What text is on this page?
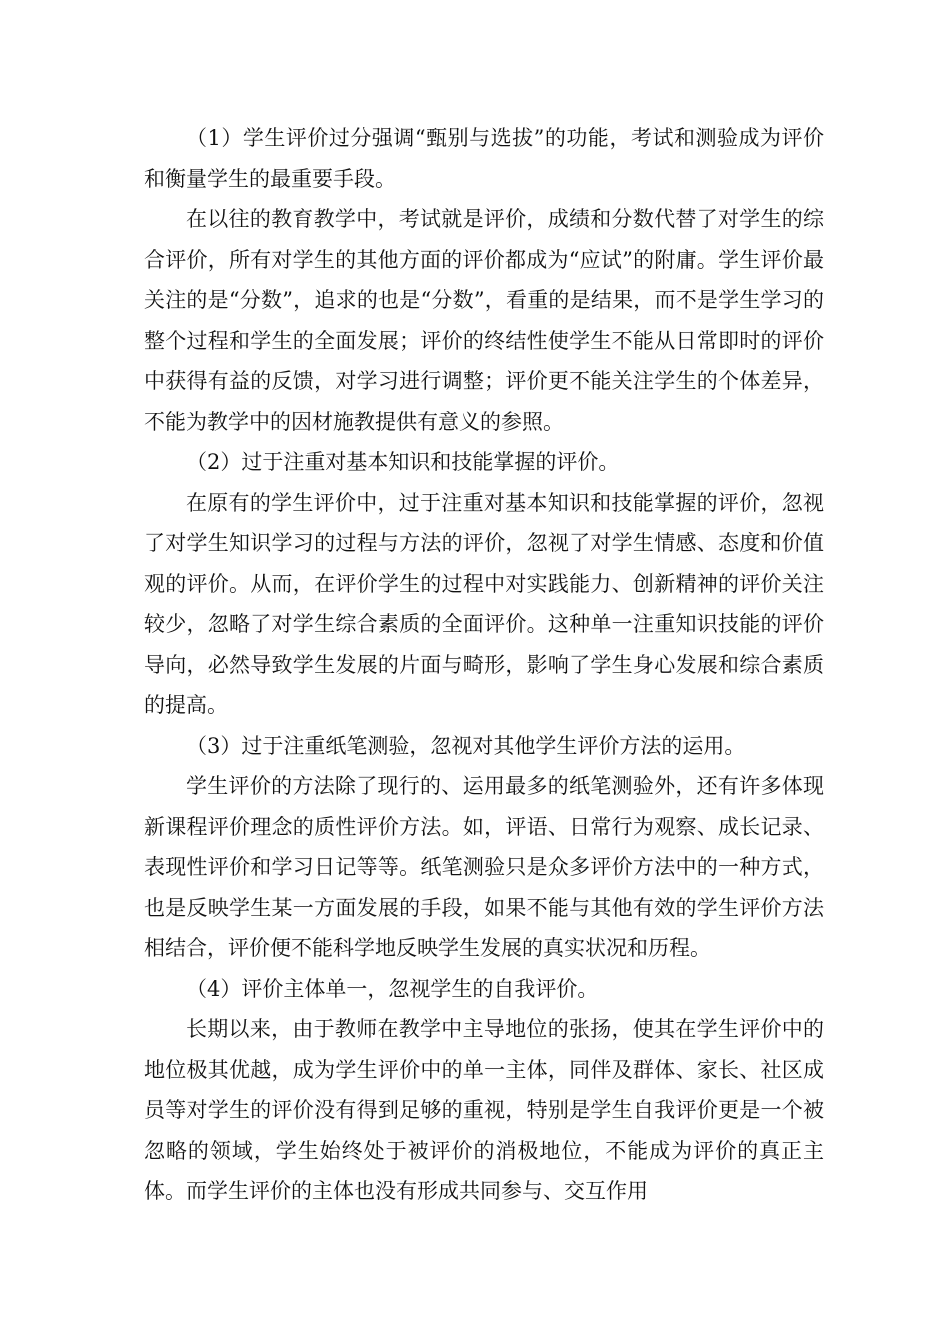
（1）学生评价过分强调“甄别与选拔”的功能，考试和测验成为评价和衡量学生的最重要手段。

在以往的教育教学中，考试就是评价，成绩和分数代替了对学生的综合评价，所有对学生的其他方面的评价都成为“应试”的附庸。学生评价最关注的是“分数”，追求的也是“分数”，看重的是结果，而不是学生学习的整个过程和学生的全面发展；评价的终结性使学生不能从日常即时的评价中获得有益的反馈，对学习进行调整；评价更不能关注学生的个体差异，不能为教学中的因材施教提供有意义的参照。

（2）过于注重对基本知识和技能掌握的评价。

在原有的学生评价中，过于注重对基本知识和技能掌握的评价，忽视了对学生知识学习的过程与方法的评价，忽视了对学生情感、态度和价值观的评价。从而，在评价学生的过程中对实践能力、创新精神的评价关注较少，忽略了对学生综合素质的全面评价。这种单一注重知识技能的评价导向，必然导致学生发展的片面与畸形，影响了学生身心发展和综合素质的提高。

（3）过于注重纸笔测验，忽视对其他学生评价方法的运用。

学生评价的方法除了现行的、运用最多的纸笔测验外，还有许多体现新课程评价理念的质性评价方法。如，评语、日常行为观察、成长记录、表现性评价和学习日记等等。纸笔测验只是众多评价方法中的一种方式，也是反映学生某一方面发展的手段，如果不能与其他有效的学生评价方法相结合，评价便不能科学地反映学生发展的真实状况和历程。

（4）评价主体单一，忽视学生的自我评价。

长期以来，由于教师在教学中主导地位的张扬，使其在学生评价中的地位极其优越，成为学生评价中的单一主体，同伴及群体、家长、社区成员等对学生的评价没有得到足够的重视，特别是学生自我评价更是一个被忽略的领域，学生始终处于被评价的消极地位，不能成为评价的真正主体。而学生评价的主体也没有形成共同参与、交互作用
